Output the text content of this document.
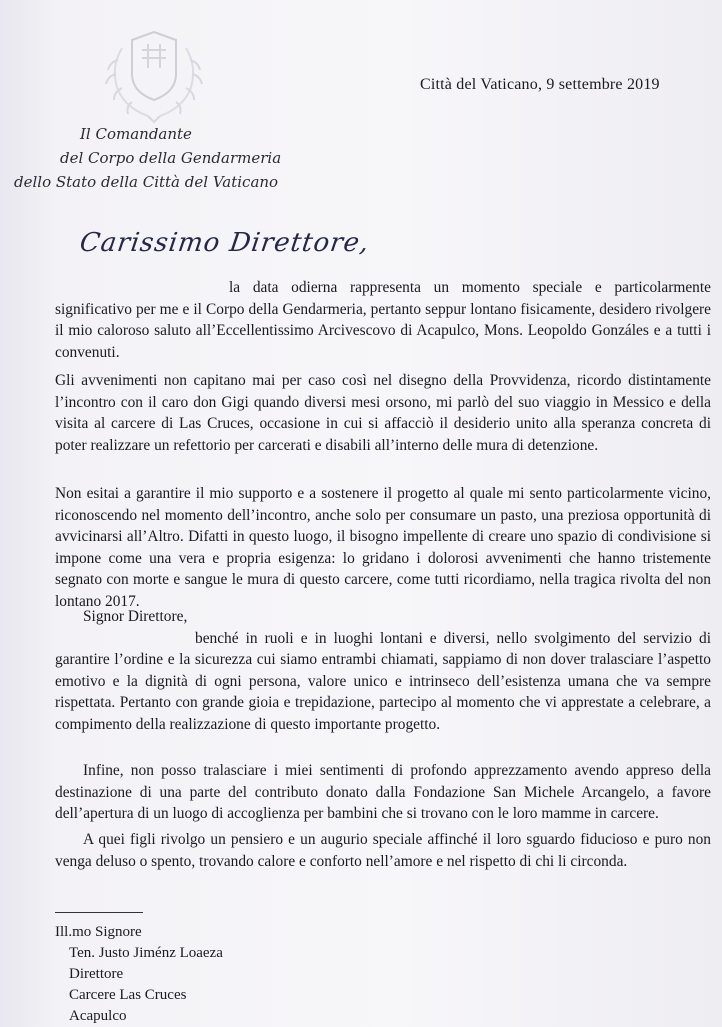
Città del Vaticano, 9 settembre 2019
Il Comandante
del Corpo della Gendarmeria
dello Stato della Città del Vaticano
Carissimo Direttore,

la data odierna rappresenta un momento speciale e particolarmente significativo per me e il Corpo della Gendarmeria, pertanto seppur lontano fisicamente, desidero rivolgere il mio caloroso saluto all’Eccellentissimo Arcivescovo di Acapulco, Mons. Leopoldo Gonzáles e a tutti i convenuti.

Gli avvenimenti non capitano mai per caso così nel disegno della Provvidenza, ricordo distintamente l’incontro con il caro don Gigi quando diversi mesi orsono, mi parlò del suo viaggio in Messico e della visita al carcere di Las Cruces, occasione in cui si affacciò il desiderio unito alla speranza concreta di poter realizzare un refettorio per carcerati e disabili all’interno delle mura di detenzione.

Non esitai a garantire il mio supporto e a sostenere il progetto al quale mi sento particolarmente vicino, riconoscendo nel momento dell’incontro, anche solo per consumare un pasto, una preziosa opportunità di avvicinarsi all’Altro. Difatti in questo luogo, il bisogno impellente di creare uno spazio di condivisione si impone come una vera e propria esigenza: lo gridano i dolorosi avvenimenti che hanno tristemente segnato con morte e sangue le mura di questo carcere, come tutti ricordiamo, nella tragica rivolta del non lontano 2017.

Signor Direttore,

benché in ruoli e in luoghi lontani e diversi, nello svolgimento del servizio di garantire l’ordine e la sicurezza cui siamo entrambi chiamati, sappiamo di non dover tralasciare l’aspetto emotivo e la dignità di ogni persona, valore unico e intrinseco dell’esistenza umana che va sempre rispettata. Pertanto con grande gioia e trepidazione, partecipo al momento che vi apprestate a celebrare, a compimento della realizzazione di questo importante progetto.

Infine, non posso tralasciare i miei sentimenti di profondo apprezzamento avendo appreso della destinazione di una parte del contributo donato dalla Fondazione San Michele Arcangelo, a favore dell’apertura di un luogo di accoglienza per bambini che si trovano con le loro mamme in carcere.

A quei figli rivolgo un pensiero e un augurio speciale affinché il loro sguardo fiducioso e puro non venga deluso o spento, trovando calore e conforto nell’amore e nel rispetto di chi li circonda.

Ill.mo Signore
Ten. Justo Jiménz Loaeza
Direttore
Carcere Las Cruces
Acapulco
